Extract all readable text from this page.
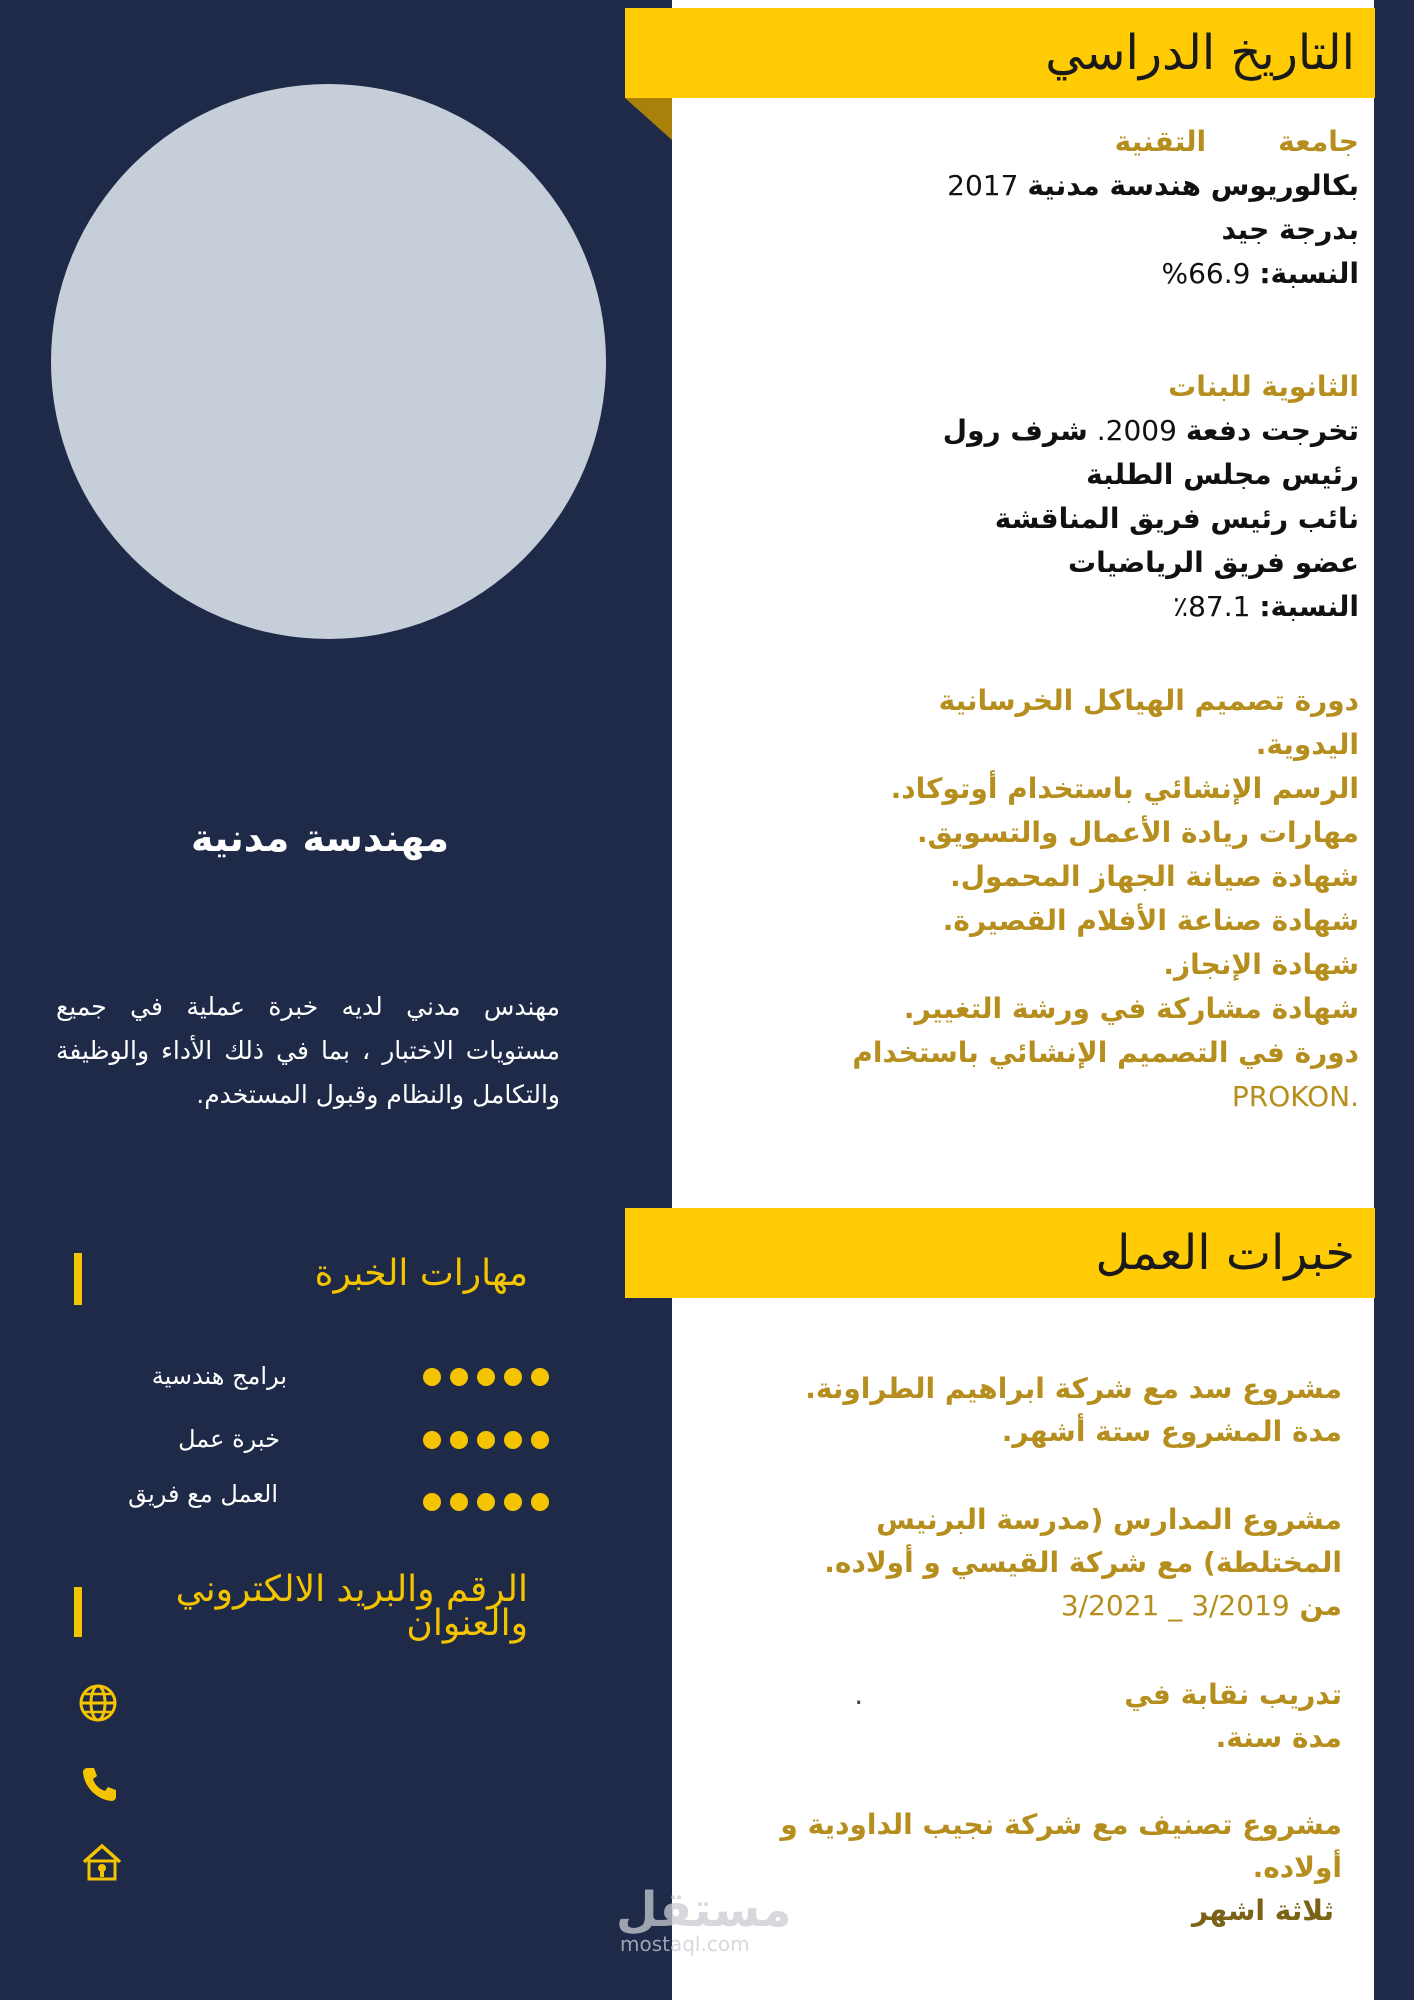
مهندسة مدنية
مهندس مدني لديه خبرة عملية في جميع مستويات الاختبار ، بما في ذلك الأداء والوظيفة والتكامل والنظام وقبول المستخدم.
مهارات الخبرة
برامج هندسية
خبرة عمل
العمل مع فريق
الرقم والبريد الالكتروني والعنوان
التاريخ الدراسي
جامعةالتقنية
بكالوريوس هندسة مدنية 2017
بدرجة جيد
النسبة: 66.9%
الثانوية للبنات
تخرجت دفعة 2009. شرف رول
رئيس مجلس الطلبة
نائب رئيس فريق المناقشة
عضو فريق الرياضيات
النسبة: 87.1٪
دورة تصميم الهياكل الخرسانية
اليدوية.
الرسم الإنشائي باستخدام أوتوكاد.
مهارات ريادة الأعمال والتسويق.
شهادة صيانة الجهاز المحمول.
شهادة صناعة الأفلام القصيرة.
شهادة الإنجاز.
شهادة مشاركة في ورشة التغيير.
دورة في التصميم الإنشائي باستخدام
.PROKON
خبرات العمل
مشروع سد مع شركة ابراهيم الطراونة.
مدة المشروع ستة أشهر.
مشروع المدارس (مدرسة البرنيس
المختلطة) مع شركة القيسي و أولاده.
من 3/2019 _ 3/2021
تدريب نقابة في.
مدة سنة.
مشروع تصنيف مع شركة نجيب الداودية و
أولاده.
ثلاثة اشهر
مستقل
mostaql.com
